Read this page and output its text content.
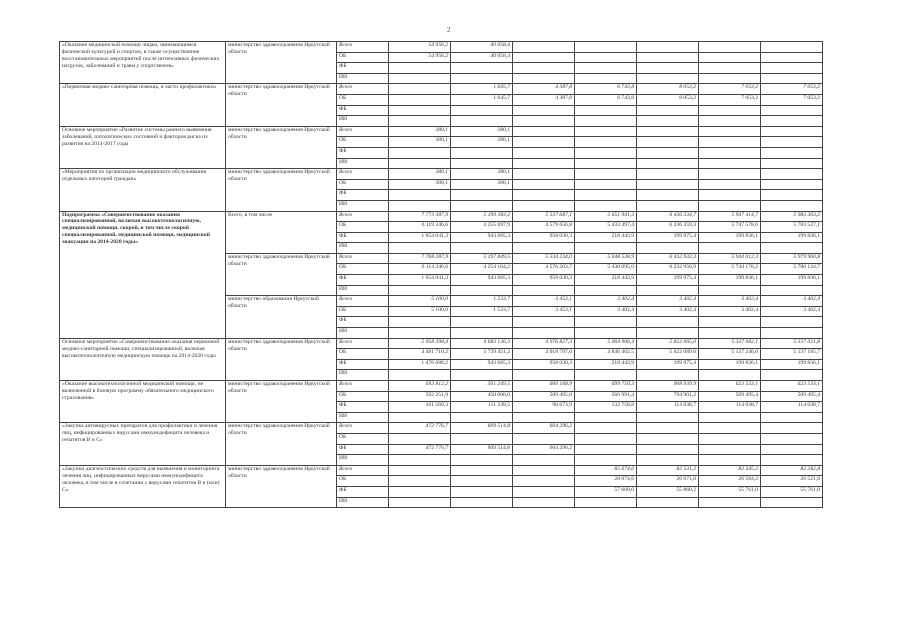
2
«Оказание медицинской помощи лицам, занимающимся физической культурой и спортом, в также осуществление восстановительных мероприятий после интенсивных физических нагрузок, заболеваний и травм у спортсменов»	министерство здравоохранения Иркутской области	Всего	54 956,2	40 058,4					
		ОБ	54 956,2	40 058,4					
		ФБ							
		ИИ							
«Первичная медико-санитарная помощь, в части профилактики»	министерство здравоохранения Иркутской области	Всего		1 645,7	4 387,8	6 743,8	8 053,2	7 053,2	7 053,2
		ОБ		1 645,7	4 387,8	6 743,8	8 053,2	7 053,2	7 053,2
		ФБ							
		ИИ							
Основное мероприятие «Развитие системы раннего выявления заболеваний, патологических состояний и факторов риска их развития на 2014-2017 годы	министерство здравоохранения Иркутской области	Всего	380,1	380,1					
		ОБ	380,1	380,1					
		ФБ							
		ИИ							
«Мероприятия по организации медицинского обслуживания отдельных категорий граждан»	министерство здравоохранения Иркутской области	Всего	380,1	380,1					
		ОБ	380,1	380,1					
		ФБ							
		ИИ							
Подпрограмма «Совершенствование оказания специализированной, включая высокотехнологичную, медицинской помощи, скорой, в том числе скорой специализированной, медицинской помощи, медицинской эвакуации на 2014-2020 годы»	Всего, в том числе	Всего	7 773 387,9	5 199 383,2	5 537 687,1	5 651 941,3	6 436 334,7	5 947 414,7	5 983 363,2
		ОБ	6 119 346,6	4 255 697,9	4 579 656,8	5 433 497,4	6 236 359,3	5 747 578,6	5 783 527,1
		ФБ	1 654 041,3	943 685,3	958 030,3	218 443,9	199 975,4	199 836,1	199 836,1
		ИИ							
	министерство здравоохранения Иркутской области	Всего	7 768 287,9	5 197 849,5	5 534 234,0	5 648 538,9	6 432 932,3	5 944 012,3	5 979 960,8
		ОБ	6 114 246,6	4 254 164,2	4 576 203,7	5 430 095,0	6 232 956,9	5 744 176,2	5 780 124,7
		ФБ	1 654 041,3	943 685,3	958 030,3	218 443,9	199 975,4	199 836,1	199 836,1
		ИИ							
	министерство образования Иркутской области	Всего	5 100,0	1 533,7	3 453,1	3 402,4	3 402,4	3 402,4	3 402,4
		ОБ	5 100,0	1 533,7	3 453,1	3 402,4	3 402,4	3 402,4	3 402,4
		ФБ							
		ИИ							
Основное мероприятие «Совершенствование оказания первичной медико-санитарной помощи, специализированной, включая высокотехнологичную медицинскую помощь на 2014-2020 годы	министерство здравоохранения Иркутской области	Всего	5 958 398,4	4 683 136,3	4 976 827,3	5 064 906,4	5 822 065,0	5 337 082,1	5 337 021,8
		ОБ	4 481 710,2	3 739 451,2	4 018 797,0	4 846 462,5	5 622 089,6	5 137 246,0	5 137 185,7
		ФБ	1 476 688,2	943 685,3	958 030,3	218 443,9	199 975,4	199 836,1	199 836,1
		ИИ							
«Оказание высокотехнологичной медицинской помощи, не включенной в базовую программу обязательного медицинского страхования»	министерство здравоохранения Иркутской области	Всего	693 812,2	561 249,5	600 168,9	699 750,3	908 939,9	623 533,1	623 533,1
		ОБ	592 251,9	450 000,0	509 495,0	566 991,4	794 901,2	509 495,4	509 495,4
		ФБ	101 560,3	111 249,5	90 673,9	132 758,8	114 038,7	114 038,7	114 038,7
		ИИ							
«Закупка антивирусных препаратов для профилактики и лечения лиц, инфицированных вирусами иммунодефицита человека и гепатитов В и С»	министерство здравоохранения Иркутской области	Всего	472 776,7	609 514,8	604 296,2				
		ОБ							
		ФБ	472 776,7	609 514,8	604 296,2				
		ИИ							
«Закупки диагностических средств для выявления и мониторинга лечения лиц, инфицированных вирусами иммунодефицита человека, в том числе в сочетании с вирусами гепатитов В и (или) С»	министерство здравоохранения Иркутской области	Всего				85 674,6	82 531,2	82 345,2	82 282,8
		ОБ				28 074,6	26 671,0	26 584,2	26 521,8
		ФБ				57 600,0	55 860,2	55 761,0	55 761,0
		ИИ							
